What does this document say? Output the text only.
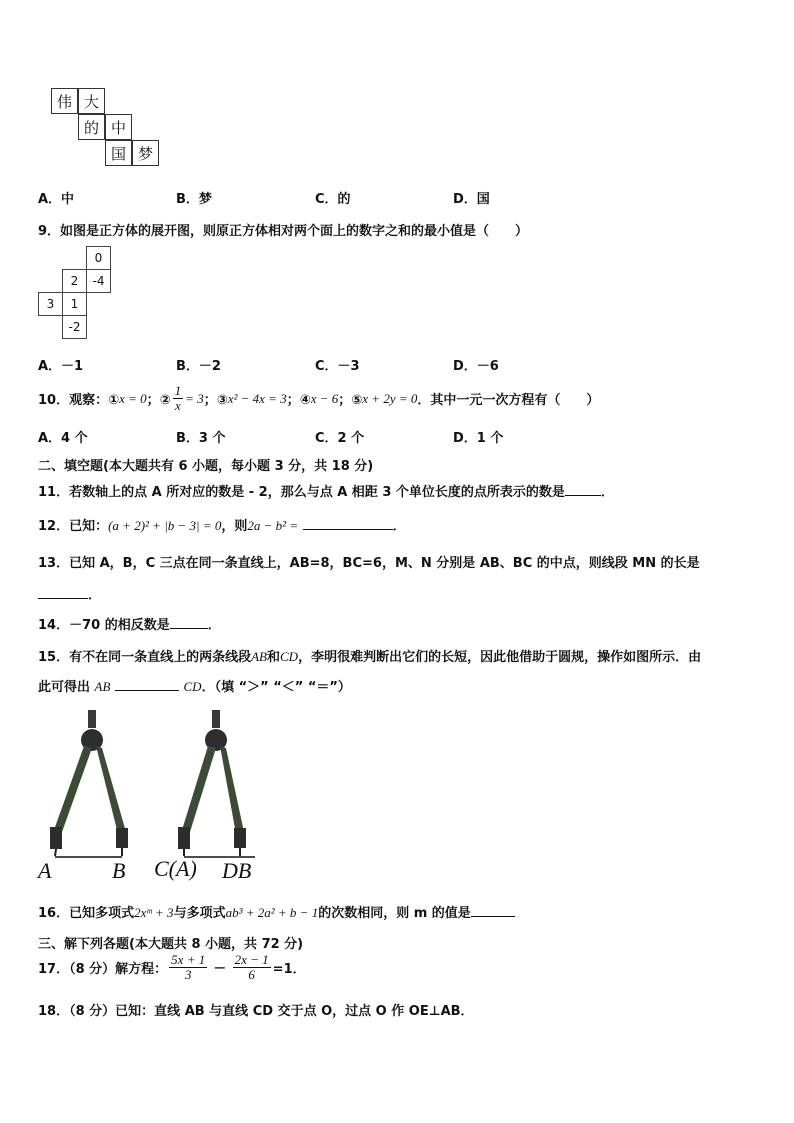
伟 大
的 中
国 梦
A．中	B．梦	C．的	D．国
9．如图是正方体的展开图，则原正方体相对两个面上的数字之和的最小值是（　　）
0
2	-4
3	1
-2
A．－1	B．－2	C．－3	D．－6
10．观察：① x = 0 ；② $\frac{1}{x} = 3$ ；③ x² − 4x = 3 ；④ x − 6 ；⑤ x + 2y = 0 ．其中一元一次方程有（　　）
A．4 个	B．3 个	C．2 个	D．1 个
二、填空题(本大题共有 6 小题，每小题 3 分，共 18 分)
11．若数轴上的点 A 所对应的数是 - 2，那么与点 A 相距 3 个单位长度的点所表示的数是	．
12．已知：(a + 2)² + |b − 3| = 0，则2a − b² =	．
13．已知 A，B，C 三点在同一条直线上，AB=8，BC=6，M、N 分别是 AB、BC 的中点，则线段 MN 的长是
．
14．－70 的相反数是	．
15．有不在同一条直线上的两条线段AB和CD，李明很难判断出它们的长短，因此他借助于圆规，操作如图所示．由
此可得出 AB	CD．（填 “＞” “＜” “＝”）
A	B C(A) DB
16．已知多项式2xᵐ + 3与多项式ab³ + 2a² + b − 1的次数相同，则 m 的值是
三、解下列各题(本大题共 8 小题，共 72 分)
17．（8 分）解方程： $\frac{5x + 1}{3} - \frac{2x - 1}{6} =1$．
18．（8 分）已知：直线 AB 与直线 CD 交于点 O，过点 O 作 OE⊥AB．
